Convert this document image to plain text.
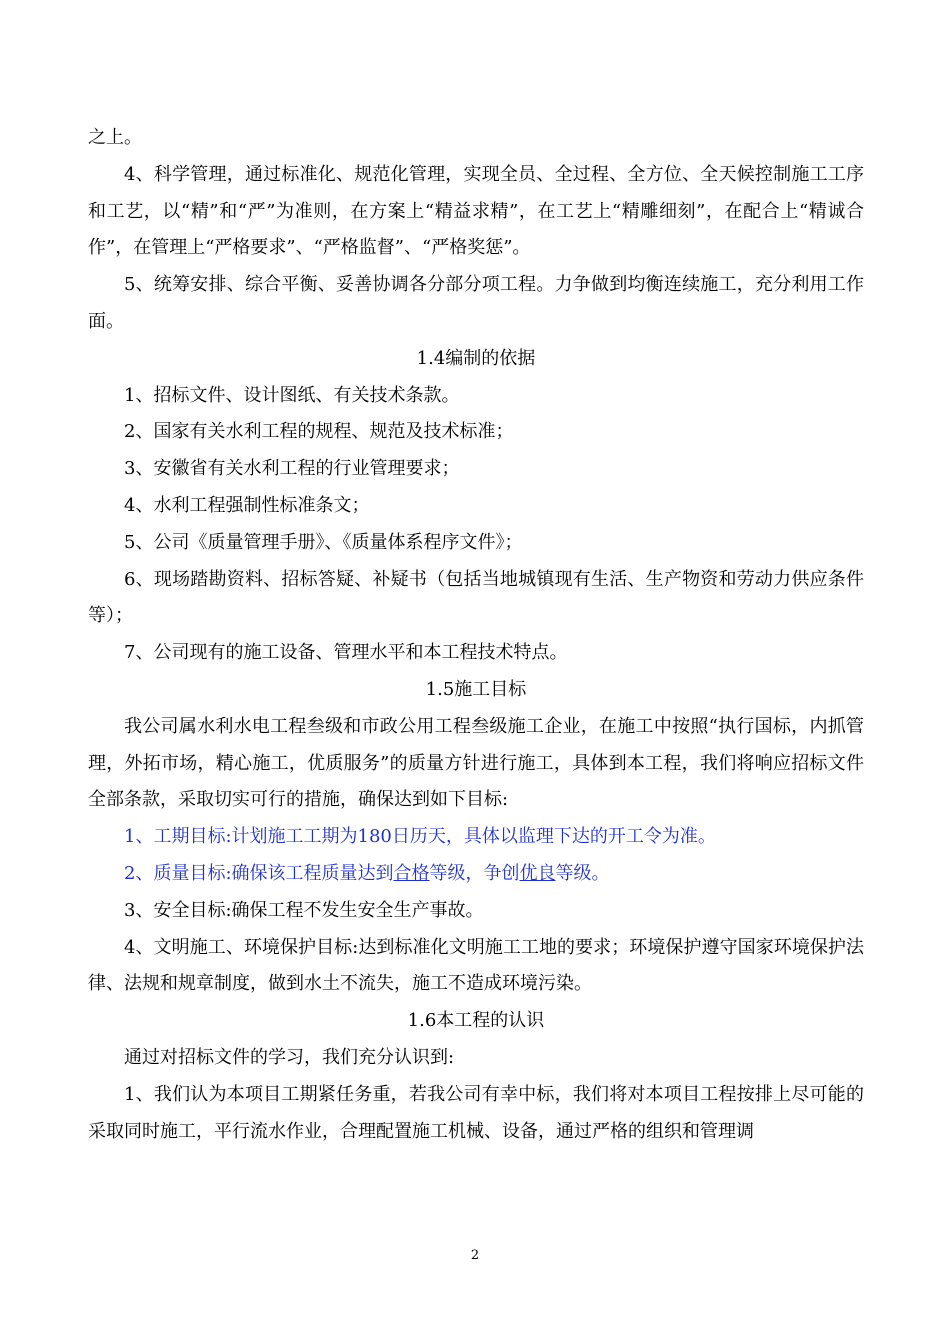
之上。

4、科学管理，通过标准化、规范化管理，实现全员、全过程、全方位、全天候控制施工工序和工艺，以“精”和“严”为准则，在方案上“精益求精”，在工艺上“精雕细刻”，在配合上“精诚合作”，在管理上“严格要求”、“严格监督”、“严格奖惩”。

5、统筹安排、综合平衡、妥善协调各分部分项工程。力争做到均衡连续施工，充分利用工作面。

1.4编制的依据

1、招标文件、设计图纸、有关技术条款。

2、国家有关水利工程的规程、规范及技术标准；

3、安徽省有关水利工程的行业管理要求；

4、水利工程强制性标准条文；

5、公司《质量管理手册》、《质量体系程序文件》；

6、现场踏勘资料、招标答疑、补疑书（包括当地城镇现有生活、生产物资和劳动力供应条件等）；

7、公司现有的施工设备、管理水平和本工程技术特点。

1.5施工目标

我公司属水利水电工程叁级和市政公用工程叁级施工企业，在施工中按照“执行国标，内抓管理，外拓市场，精心施工，优质服务”的质量方针进行施工，具体到本工程，我们将响应招标文件全部条款，采取切实可行的措施，确保达到如下目标:

1、工期目标:计划施工工期为180日历天，具体以监理下达的开工令为准。

2、质量目标:确保该工程质量达到合格等级，争创优良等级。

3、安全目标:确保工程不发生安全生产事故。

4、文明施工、环境保护目标:达到标准化文明施工工地的要求；环境保护遵守国家环境保护法律、法规和规章制度，做到水土不流失，施工不造成环境污染。

1.6本工程的认识

通过对招标文件的学习，我们充分认识到:

1、我们认为本项目工期紧任务重，若我公司有幸中标，我们将对本项目工程按排上尽可能的采取同时施工，平行流水作业，合理配置施工机械、设备，通过严格的组织和管理调

2
